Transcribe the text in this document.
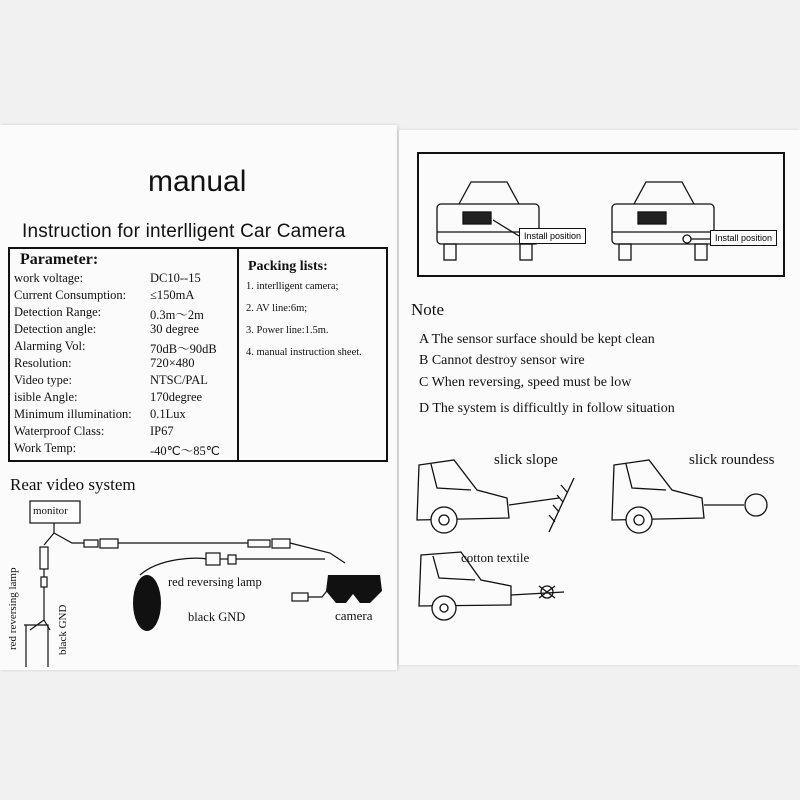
manual
Instruction for interlligent Car Camera
Parameter:
work voltage:	DC10--15
Current Consumption: ≤150mA
Detection Range:	0.3m～2m
Detection angle:	30 degree
Alarming Vol:	70dB～90dB
Resolution:	720×480
Video type:	NTSC/PAL
isible Angle:	170degree
Minimum illumination: 0.1Lux
Waterproof Class:	IP67
Work Temp:	-40℃～85℃
Packing lists:
1. interlligent camera;
2. AV line:6m;
3. Power line:1.5m.
4. manual instruction sheet.
Rear video system
monitor
red reversing lamp	black GND
red reversing lamp
black GND	camera
Install position	Install position
Note
A The sensor surface should be kept clean
B Cannot destroy sensor wire
C When reversing, speed must be low
D The system is difficultly in follow situation
slick slope	slick roundess
cotton textile
